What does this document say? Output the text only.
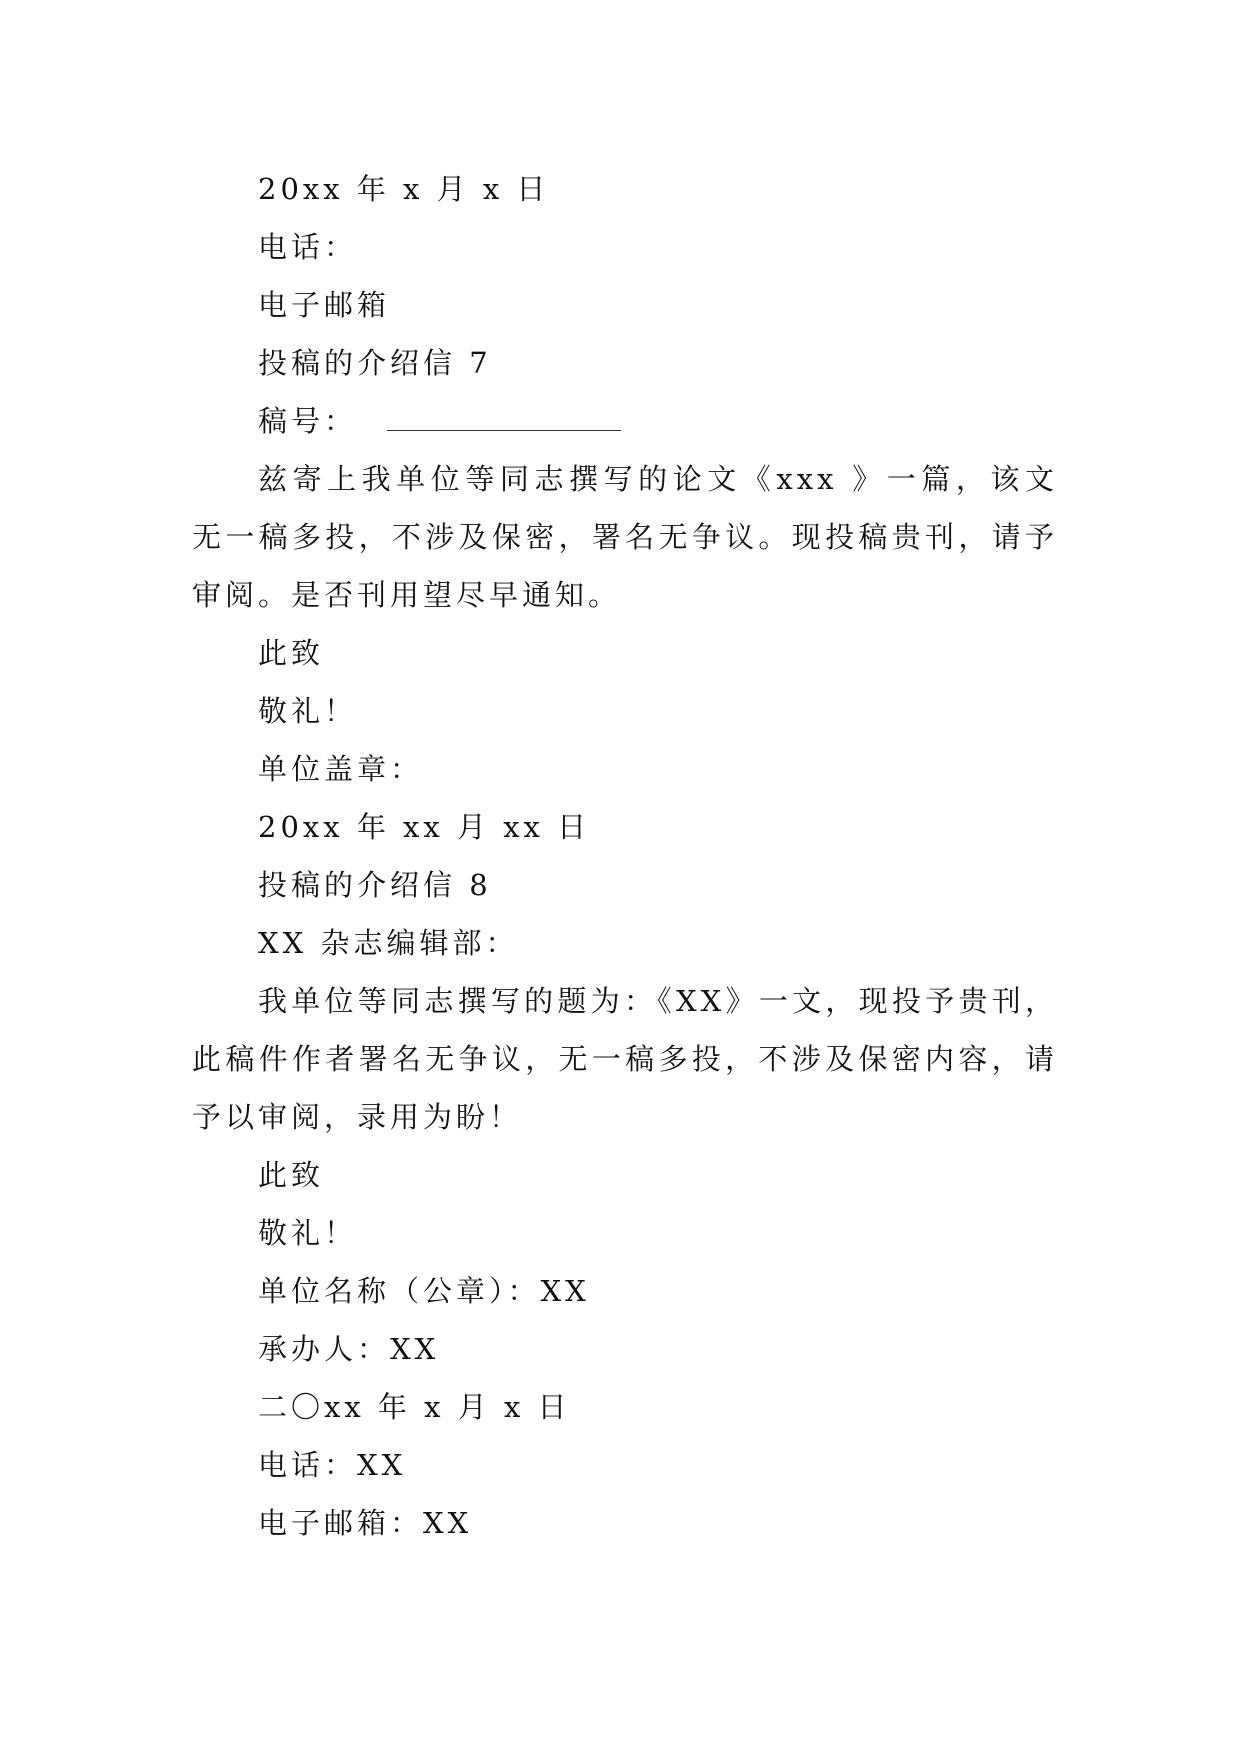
20xx 年 x 月 x 日

电话：

电子邮箱

投稿的介绍信 7

稿号：

兹寄上我单位等同志撰写的论文《xxx 》一篇，该文无一稿多投，不涉及保密，署名无争议。现投稿贵刊，请予审阅。是否刊用望尽早通知。

此致

敬礼！

单位盖章：

20xx 年 xx 月 xx 日

投稿的介绍信 8

XX 杂志编辑部：

我单位等同志撰写的题为：《XX》一文，现投予贵刊，此稿件作者署名无争议，无一稿多投，不涉及保密内容，请予以审阅，录用为盼！

此致

敬礼！

单位名称（公章）：XX

承办人：XX

二〇xx 年 x 月 x 日

电话：XX

电子邮箱：XX
